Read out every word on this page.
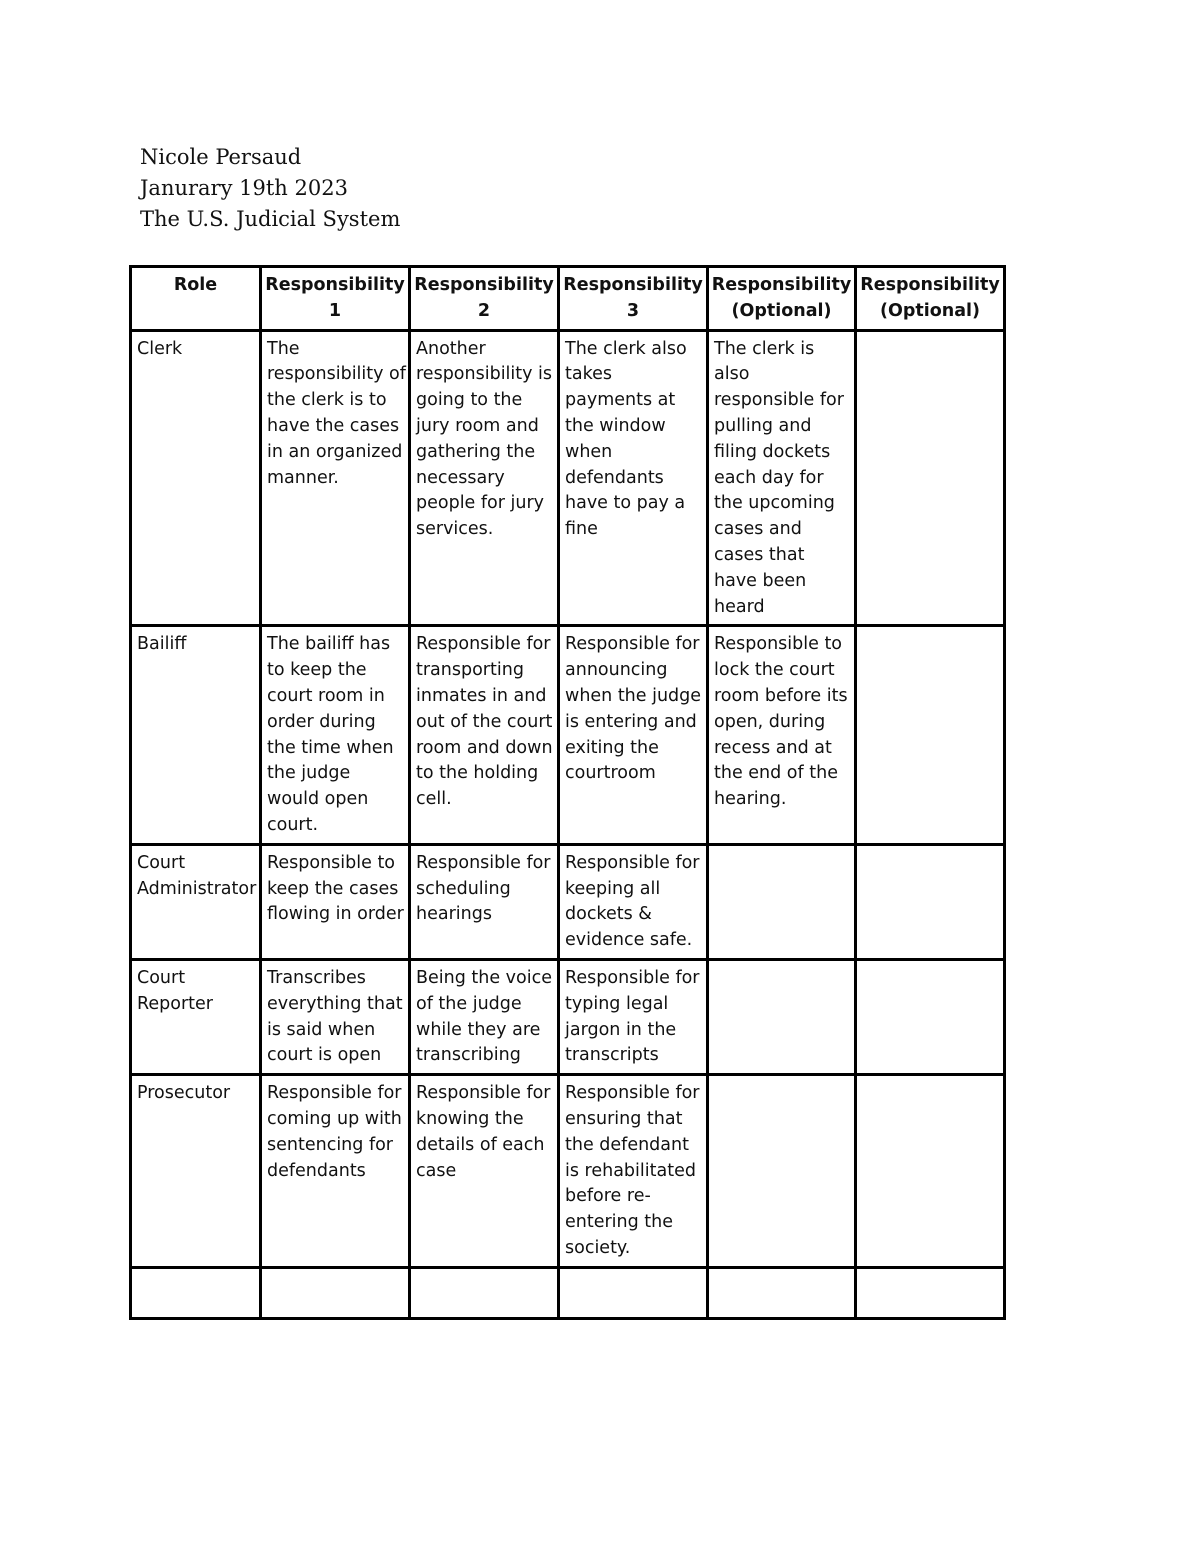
Nicole Persaud
Janurary 19th 2023
The U.S. Judicial System
Role	Responsibility 1	Responsibility 2	Responsibility 3	Responsibility (Optional)	Responsibility (Optional)
Clerk	The responsibility of the clerk is to have the cases in an organized manner.	Another responsibility is going to the jury room and gathering the necessary people for jury services.	The clerk also takes payments at the window when defendants have to pay a fine	The clerk is also responsible for pulling and filing dockets each day for the upcoming cases and cases that have been heard	
Bailiff	The bailiff has to keep the court room in order during the time when the judge would open court.	Responsible for transporting inmates in and out of the court room and down to the holding cell.	Responsible for announcing when the judge is entering and exiting the courtroom	Responsible to lock the court room before its open, during recess and at the end of the hearing.	
Court Administrator	Responsible to keep the cases flowing in order	Responsible for scheduling hearings	Responsible for keeping all dockets & evidence safe.		
Court Reporter	Transcribes everything that is said when court is open	Being the voice of the judge while they are transcribing	Responsible for typing legal jargon in the transcripts		
Prosecutor	Responsible for coming up with sentencing for defendants	Responsible for knowing the details of each case	Responsible for ensuring that the defendant is rehabilitated before re-entering the society.		
